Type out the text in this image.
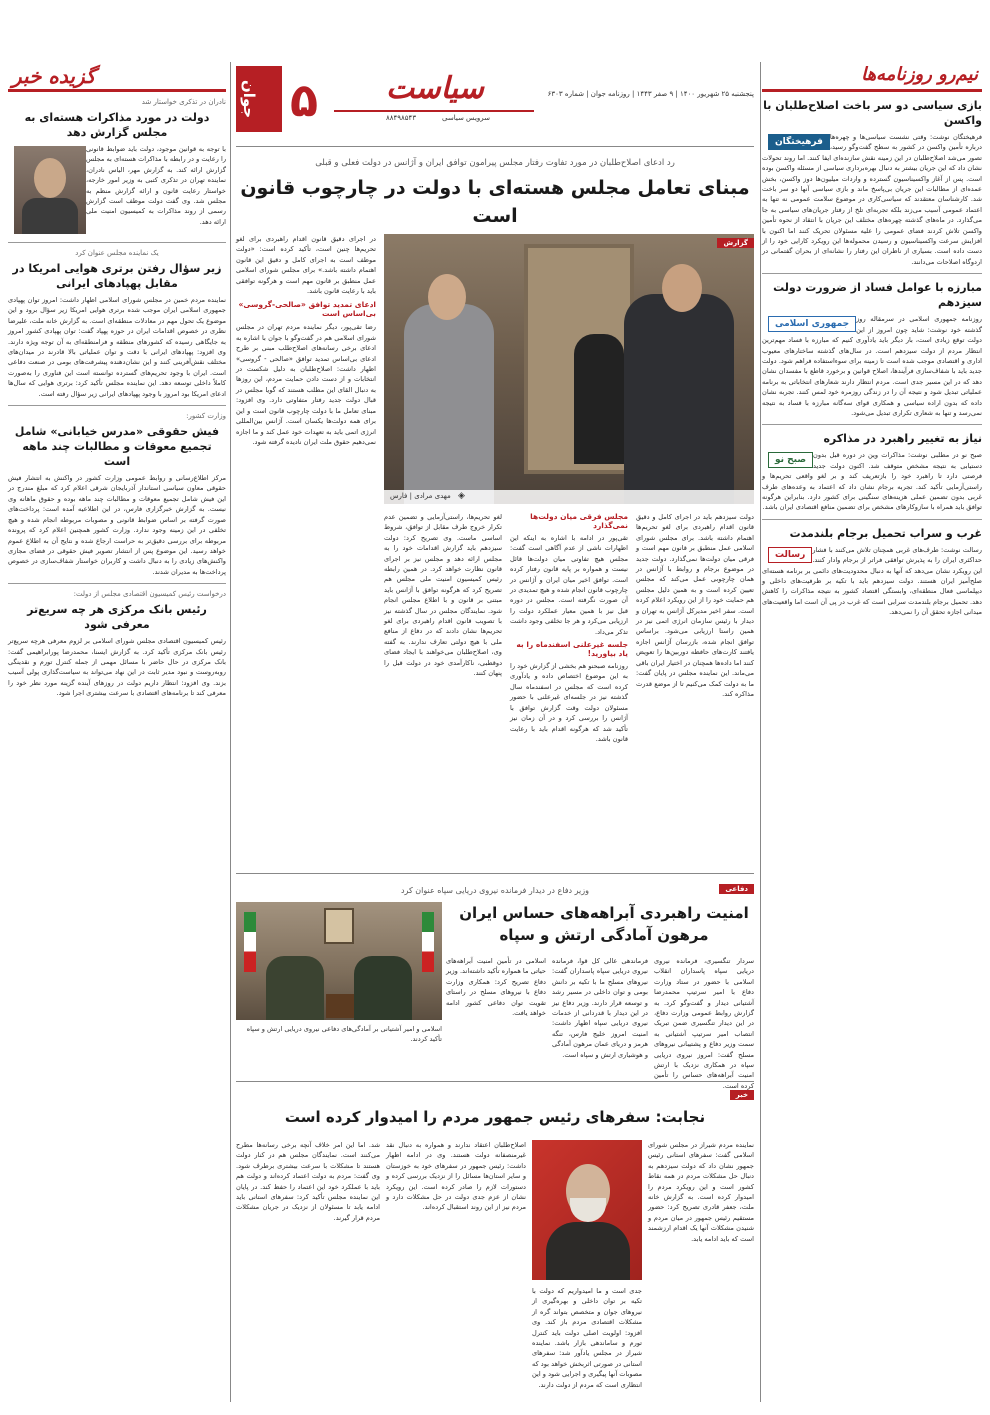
گزیده خبر
نادران در تذکری خواستار شد
دولت در مورد مذاکرات هسته‌ای به مجلس گزارش دهد

با توجه به قوانین موجود، دولت باید ضوابط قانونی را رعایت و در رابطه با مذاکرات هسته‌ای به مجلس گزارش ارائه کند. به گزارش مهر، الیاس نادران، نماینده تهران در تذکری کتبی به وزیر امور خارجه، خواستار رعایت قانون و ارائه گزارش منظم به مجلس شد. وی گفت دولت موظف است گزارش رسمی از روند مذاکرات به کمیسیون امنیت ملی ارائه دهد.

یک نماینده مجلس عنوان کرد
زیر سؤال رفتن برتری هوایی امریکا در مقابل پهپادهای ایرانی

نماینده مردم خمین در مجلس شورای اسلامی اظهار داشت: امروز توان پهپادی جمهوری اسلامی ایران موجب شده برتری هوایی امریکا زیر سؤال برود و این موضوع یک تحول مهم در معادلات منطقه‌ای است. به گزارش خانه ملت، علیرضا نظری در خصوص اقدامات ایران در حوزه پهپاد گفت: توان پهپادی کشور امروز به جایگاهی رسیده که کشورهای منطقه و فرامنطقه‌ای به آن توجه ویژه دارند. وی افزود: پهپادهای ایرانی با دقت و توان عملیاتی بالا قادرند در میدان‌های مختلف نقش‌آفرینی کنند و این نشان‌دهنده پیشرفت‌های بومی در صنعت دفاعی است. ایران با وجود تحریم‌های گسترده توانسته است این فناوری را به‌صورت کاملاً داخلی توسعه دهد. این نماینده مجلس تأکید کرد: برتری هوایی که سال‌ها ادعای امریکا بود امروز با وجود پهپادهای ایرانی زیر سؤال رفته است.

وزارت کشور:
فیش حقوقی «مدرس خیابانی» شامل تجمیع معوقات و مطالبات چند ماهه است

مرکز اطلاع‌رسانی و روابط عمومی وزارت کشور در واکنش به انتشار فیش حقوقی معاون سیاسی استاندار آذربایجان شرقی اعلام کرد که مبلغ مندرج در این فیش شامل تجمیع معوقات و مطالبات چند ماهه بوده و حقوق ماهانه وی نیست. به گزارش خبرگزاری فارس، در این اطلاعیه آمده است: پرداخت‌های صورت گرفته بر اساس ضوابط قانونی و مصوبات مربوطه انجام شده و هیچ تخلفی در این زمینه وجود ندارد. وزارت کشور همچنین اعلام کرد که پرونده مربوطه برای بررسی دقیق‌تر به حراست ارجاع شده و نتایج آن به اطلاع عموم خواهد رسید. این موضوع پس از انتشار تصویر فیش حقوقی در فضای مجازی واکنش‌های زیادی را به دنبال داشت و کاربران خواستار شفاف‌سازی در خصوص پرداخت‌ها به مدیران شدند.

درخواست رئیس کمیسیون اقتصادی مجلس از دولت:
رئیس بانک مرکزی هر چه سریع‌تر معرفی شود

رئیس کمیسیون اقتصادی مجلس شورای اسلامی بر لزوم معرفی هرچه سریع‌تر رئیس بانک مرکزی تأکید کرد. به گزارش ایسنا، محمدرضا پورابراهیمی گفت: بانک مرکزی در حال حاضر با مسائل مهمی از جمله کنترل تورم و نقدینگی روبه‌روست و نبود مدیر ثابت در این نهاد می‌تواند به سیاست‌گذاری پولی آسیب بزند. وی افزود: انتظار داریم دولت در روزهای آینده گزینه مورد نظر خود را معرفی کند تا برنامه‌های اقتصادی با سرعت بیشتری اجرا شود.

نیم‌رو روزنامه‌ها
بازی سیاسی دو سر باخت اصلاح‌طلبان با واکسن
فرهیختگان	فرهیختگان نوشت: وقتی نشست سیاسی‌ها و چهره‌ها درباره تأمین واکسن در کشور به سطح گفت‌وگو رسید، تصور می‌شد اصلاح‌طلبان در این زمینه نقش سازنده‌ای ایفا کنند. اما روند تحولات نشان داد که این جریان بیشتر به دنبال بهره‌برداری سیاسی از مسئله واکسن بوده است. پس از آغاز واکسیناسیون گسترده و واردات میلیون‌ها دوز واکسن، بخش عمده‌ای از مطالبات این جریان بی‌پاسخ ماند و بازی سیاسی آنها دو سر باخت شد. کارشناسان معتقدند که سیاسی‌کاری در موضوع سلامت عمومی نه تنها به اعتماد عمومی آسیب می‌زند بلکه تجربه‌ای تلخ از رفتار جریان‌های سیاسی به جا می‌گذارد. در ماه‌های گذشته چهره‌های مختلف این جریان با انتقاد از نحوه تأمین واکسن تلاش کردند فضای عمومی را علیه مسئولان تحریک کنند اما اکنون با افزایش سرعت واکسیناسیون و رسیدن محموله‌ها این رویکرد کارایی خود را از دست داده است. بسیاری از ناظران این رفتار را نشانه‌ای از بحران گفتمانی در اردوگاه اصلاحات می‌دانند.

مبارزه با عوامل فساد از ضرورت دولت سیزدهم
جمهوری اسلامی	روزنامه جمهوری اسلامی در سرمقاله روز گذشته خود نوشت: شاید چون امروز از این دولت توقع زیادی است، بار دیگر باید یادآوری کنیم که مبارزه با فساد مهم‌ترین انتظار مردم از دولت سیزدهم است. در سال‌های گذشته ساختارهای معیوب اداری و اقتصادی موجب شده است تا زمینه برای سوءاستفاده فراهم شود. دولت جدید باید با شفاف‌سازی فرآیندها، اصلاح قوانین و برخورد قاطع با مفسدان نشان دهد که در این مسیر جدی است. مردم انتظار دارند شعارهای انتخاباتی به برنامه عملیاتی تبدیل شود و نتیجه آن را در زندگی روزمره خود لمس کنند. تجربه نشان داده که بدون اراده سیاسی و همکاری قوای سه‌گانه مبارزه با فساد به نتیجه نمی‌رسد و تنها به شعاری تکراری تبدیل می‌شود.

نیاز به تغییر راهبرد در مذاکره
صبح نو	صبح نو در مطلبی نوشت: مذاکرات وین در دوره قبل بدون دستیابی به نتیجه مشخص متوقف شد. اکنون دولت جدید فرصتی دارد تا راهبرد خود را بازتعریف کند و بر لغو واقعی تحریم‌ها و راستی‌آزمایی تأکید کند. تجربه برجام نشان داد که اعتماد به وعده‌های طرف غربی بدون تضمین عملی هزینه‌های سنگینی برای کشور دارد. بنابراین هرگونه توافق باید همراه با سازوکارهای مشخص برای تضمین منافع اقتصادی ایران باشد.

غرب و سراب تحمیل برجام بلندمدت
رسالت	رسالت نوشت: طرف‌های غربی همچنان تلاش می‌کنند با فشار حداکثری ایران را به پذیرش توافقی فراتر از برجام وادار کنند. این رویکرد نشان می‌دهد که آنها به دنبال محدودیت‌های دائمی بر برنامه هسته‌ای صلح‌آمیز ایران هستند. دولت سیزدهم باید با تکیه بر ظرفیت‌های داخلی و دیپلماسی فعال منطقه‌ای، وابستگی اقتصاد کشور به نتیجه مذاکرات را کاهش دهد. تحمیل برجام بلندمدت سرابی است که غرب در پی آن است اما واقعیت‌های میدانی اجازه تحقق آن را نمی‌دهد.

جوان ۵ سیاست
سرویس سیاسی
۸۸۴۹۸۵۴۳
پنجشنبه ۲۵ شهریور ۱۴۰۰ | ۹ صفر ۱۴۴۳ | روزنامه جوان | شماره ۶۳۰۳
رد ادعای اصلاح‌طلبان در مورد تفاوت رفتار مجلس پیرامون توافق ایران و آژانس در دولت فعلی و قبلی
مبنای تعامل مجلس هسته‌ای با دولت در چارچوب قانون است
گزارش
مهدی مرادی | فارس ◈

در اجرای دقیق قانون اقدام راهبردی برای لغو تحریم‌ها چنین است، تأکید کرده است: «دولت موظف است به اجرای کامل و دقیق این قانون اهتمام داشته باشد.» برای مجلس شورای اسلامی عمل منطبق بر قانون مهم است و هرگونه توافقی باید با رعایت قانون باشد.

ادعای تمدید توافق «صالحی-گروسی» بی‌اساس است

رضا تقی‌پور، دیگر نماینده مردم تهران در مجلس شورای اسلامی هم در گفت‌وگو با جوان با اشاره به ادعای برخی رسانه‌های اصلاح‌طلب مبنی بر طرح ادعای بی‌اساس تمدید توافق «صالحی - گروسی» اظهار داشت: اصلاح‌طلبان به دلیل شکست در انتخابات و از دست دادن حمایت مردم، این روزها به دنبال القای این مطلب هستند که گویا مجلس در قبال دولت جدید رفتار متفاوتی دارد. وی افزود: مبنای تعامل ما با دولت چارچوب قانون است و این برای همه دولت‌ها یکسان است. آژانس بین‌المللی انرژی اتمی باید به تعهدات خود عمل کند و ما اجازه نمی‌دهیم حقوق ملت ایران نادیده گرفته شود.

لغو تحریم‌ها، راستی‌آزمایی و تضمین عدم تکرار خروج طرف مقابل از توافق، شروط اساسی ماست. وی تصریح کرد: دولت سیزدهم باید گزارش اقدامات خود را به مجلس ارائه دهد و مجلس نیز بر اجرای قانون نظارت خواهد کرد. در همین رابطه رئیس کمیسیون امنیت ملی مجلس هم تصریح کرد که هرگونه توافق با آژانس باید مبتنی بر قانون و با اطلاع مجلس انجام شود. نمایندگان مجلس در سال گذشته نیز با تصویب قانون اقدام راهبردی برای لغو تحریم‌ها نشان دادند که در دفاع از منافع ملی با هیچ دولتی تعارف ندارند. به گفته وی، اصلاح‌طلبان می‌خواهند با ایجاد فضای دوقطبی، ناکارآمدی خود در دولت قبل را پنهان کنند.

مجلس فرقی میان دولت‌ها نمی‌گذارد

تقی‌پور در ادامه با اشاره به اینکه این اظهارات ناشی از عدم آگاهی است گفت: مجلس هیچ تفاوتی میان دولت‌ها قائل نیست و همواره بر پایه قانون رفتار کرده است. توافق اخیر میان ایران و آژانس در چارچوب قانون انجام شده و هیچ تمدیدی در آن صورت نگرفته است. مجلس در دوره قبل نیز با همین معیار عملکرد دولت را ارزیابی می‌کرد و هر جا تخلفی وجود داشت تذکر می‌داد.

جلسه غیرعلنی اسفندماه را به یاد بیاورید!

روزنامه صبحنو هم بخشی از گزارش خود را به این موضوع اختصاص داده و یادآوری کرده است که مجلس در اسفندماه سال گذشته نیز در جلسه‌ای غیرعلنی با حضور مسئولان دولت وقت گزارش توافق با آژانس را بررسی کرد و در آن زمان نیز تأکید شد که هرگونه اقدام باید با رعایت قانون باشد.

دولت سیزدهم باید در اجرای کامل و دقیق قانون اقدام راهبردی برای لغو تحریم‌ها اهتمام داشته باشد. برای مجلس شورای اسلامی عمل منطبق بر قانون مهم است و فرقی میان دولت‌ها نمی‌گذارد. دولت جدید در موضوع برجام و روابط با آژانس در همان چارچوبی عمل می‌کند که مجلس تعیین کرده است و به همین دلیل مجلس هم حمایت خود را از این رویکرد اعلام کرده است. سفر اخیر مدیرکل آژانس به تهران و دیدار با رئیس سازمان انرژی اتمی نیز در همین راستا ارزیابی می‌شود. براساس توافق انجام شده، بازرسان آژانس اجازه یافتند کارت‌های حافظه دوربین‌ها را تعویض کنند اما داده‌ها همچنان در اختیار ایران باقی می‌ماند. این نماینده مجلس در پایان گفت: ما به دولت کمک می‌کنیم تا از موضع قدرت مذاکره کند.

دفاعی
وزیر دفاع در دیدار فرمانده نیروی دریایی سپاه عنوان کرد
امنیت راهبردی آبراهه‌های حساس ایران مرهون آمادگی ارتش و سپاه

سردار تنگسیری، فرمانده نیروی دریایی سپاه پاسداران انقلاب اسلامی با حضور در ستاد وزارت دفاع با امیر سرتیپ محمدرضا آشتیانی دیدار و گفت‌وگو کرد. به گزارش روابط عمومی وزارت دفاع، در این دیدار تنگسیری ضمن تبریک انتصاب امیر سرتیپ آشتیانی به سمت وزیر دفاع و پشتیبانی نیروهای مسلح گفت: امروز نیروی دریایی سپاه در همکاری نزدیک با ارتش امنیت آبراهه‌های حساس را تأمین کرده است.

فرماندهی عالی کل قوا، فرمانده نیروی دریایی سپاه پاسداران گفت: نیروهای مسلح ما با تکیه بر دانش بومی و توان داخلی در مسیر رشد و توسعه قرار دارند. وزیر دفاع نیز در این دیدار با قدردانی از خدمات نیروی دریایی سپاه اظهار داشت: امنیت امروز خلیج فارس، تنگه هرمز و دریای عمان مرهون آمادگی و هوشیاری ارتش و سپاه است.

اسلامی در تأمین امنیت آبراهه‌های حیاتی ما همواره تأکید داشته‌اند. وزیر دفاع تصریح کرد: همکاری وزارت دفاع با نیروهای مسلح در راستای تقویت توان دفاعی کشور ادامه خواهد یافت.

اسلامی و امیر آشتیانی بر آمادگی‌های دفاعی نیروی دریایی ارتش و سپاه تأکید کردند.
خبر
نجابت: سفرهای رئیس جمهور مردم را امیدوار کرده است

نماینده مردم شیراز در مجلس شورای اسلامی گفت: سفرهای استانی رئیس جمهور نشان داد که دولت سیزدهم به دنبال حل مشکلات مردم در همه نقاط کشور است و این رویکرد مردم را امیدوار کرده است. به گزارش خانه ملت، جعفر قادری تصریح کرد: حضور مستقیم رئیس جمهور در میان مردم و شنیدن مشکلات آنها یک اقدام ارزشمند است که باید ادامه یابد.

جدی است و ما امیدواریم که دولت با تکیه بر توان داخلی و بهره‌گیری از نیروهای جوان و متخصص بتواند گره از مشکلات اقتصادی مردم باز کند. وی افزود: اولویت اصلی دولت باید کنترل تورم و ساماندهی بازار باشد. نماینده شیراز در مجلس یادآور شد: سفرهای استانی در صورتی اثربخش خواهد بود که مصوبات آنها پیگیری و اجرایی شود و این انتظاری است که مردم از دولت دارند.

اصلاح‌طلبان اعتقاد ندارند و همواره به دنبال نقد غیرمنصفانه دولت هستند. وی در ادامه اظهار داشت: رئیس جمهور در سفرهای خود به خوزستان و سایر استان‌ها مسائل را از نزدیک بررسی کرده و دستورات لازم را صادر کرده است. این رویکرد نشان از عزم جدی دولت در حل مشکلات دارد و مردم نیز از این روند استقبال کرده‌اند.

شد. اما این امر خلاف آنچه برخی رسانه‌ها مطرح می‌کنند است. نمایندگان مجلس هم در کنار دولت هستند تا مشکلات با سرعت بیشتری برطرف شود. وی گفت: مردم به دولت اعتماد کرده‌اند و دولت هم باید با عملکرد خود این اعتماد را حفظ کند. در پایان این نماینده مجلس تأکید کرد: سفرهای استانی باید ادامه یابد تا مسئولان از نزدیک در جریان مشکلات مردم قرار گیرند.
